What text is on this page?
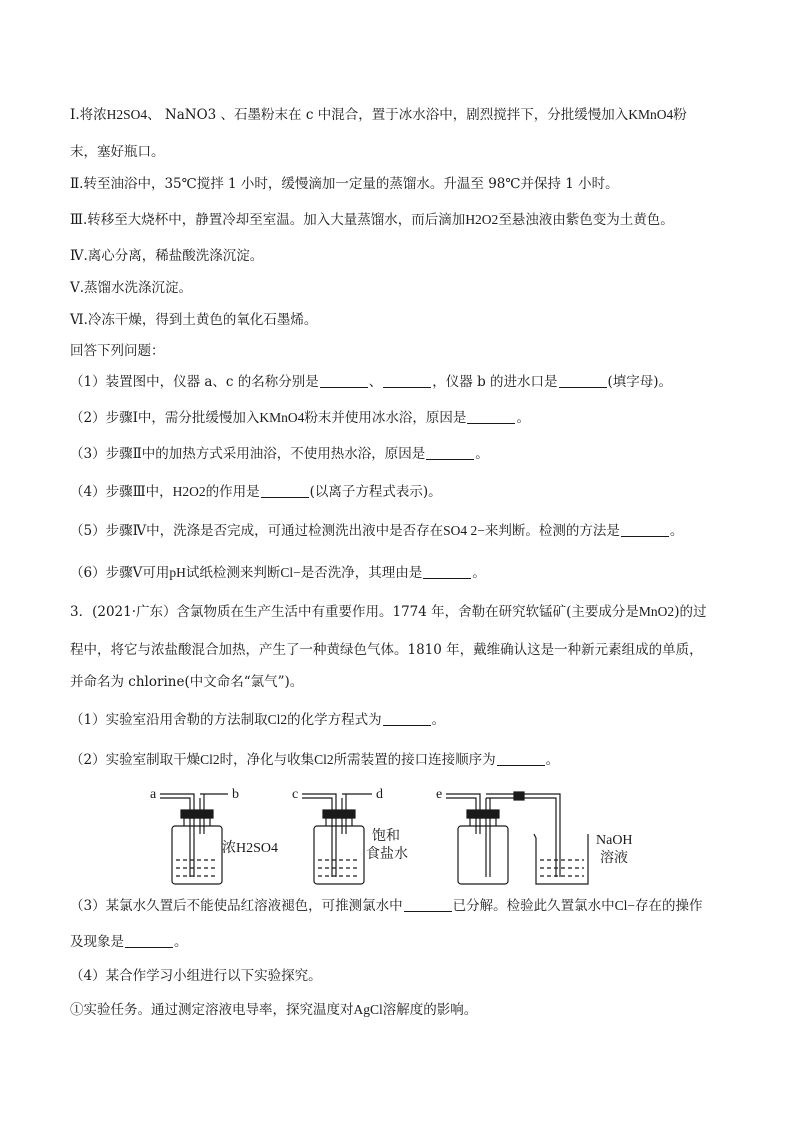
Ⅰ.将浓H2SO4、 NaNO3 、石墨粉末在 c 中混合，置于冰水浴中，剧烈搅拌下，分批缓慢加入KMnO4粉
末，塞好瓶口。
Ⅱ.转至油浴中，35℃搅拌 1 小时，缓慢滴加一定量的蒸馏水。升温至 98℃并保持 1 小时。
Ⅲ.转移至大烧杯中，静置冷却至室温。加入大量蒸馏水，而后滴加H2O2至悬浊液由紫色变为土黄色。
Ⅳ.离心分离，稀盐酸洗涤沉淀。
Ⅴ.蒸馏水洗涤沉淀。
Ⅵ.冷冻干燥，得到土黄色的氧化石墨烯。
回答下列问题：
（1）装置图中，仪器 a、c 的名称分别是	、	，仪器 b 的进水口是	(填字母)。
（2）步骤Ⅰ中，需分批缓慢加入KMnO4粉末并使用冰水浴，原因是	。
（3）步骤Ⅱ中的加热方式采用油浴，不使用热水浴，原因是	。
（4）步骤Ⅲ中，H2O2的作用是	(以离子方程式表示)。
（5）步骤Ⅳ中，洗涤是否完成，可通过检测洗出液中是否存在SO4 2−来判断。检测的方法是	。
（6）步骤Ⅴ可用pH试纸检测来判断Cl−是否洗净，其理由是	。
3．(2021·广东）含氯物质在生产生活中有重要作用。1774 年，舍勒在研究软锰矿(主要成分是MnO2)的过
程中，将它与浓盐酸混合加热，产生了一种黄绿色气体。1810 年，戴维确认这是一种新元素组成的单质，
并命名为 chlorine(中文命名“氯气”)。
（1）实验室沿用舍勒的方法制取Cl2的化学方程式为	。
（2）实验室制取干燥Cl2时，净化与收集Cl2所需装置的接口连接顺序为	。
a	b	c	d	e
浓H2SO4
饱和
食盐水
NaOH
溶液
（3）某氯水久置后不能使品红溶液褪色，可推测氯水中	已分解。检验此久置氯水中Cl−存在的操作
及现象是	。
（4）某合作学习小组进行以下实验探究。
①实验任务。通过测定溶液电导率，探究温度对AgCl溶解度的影响。
